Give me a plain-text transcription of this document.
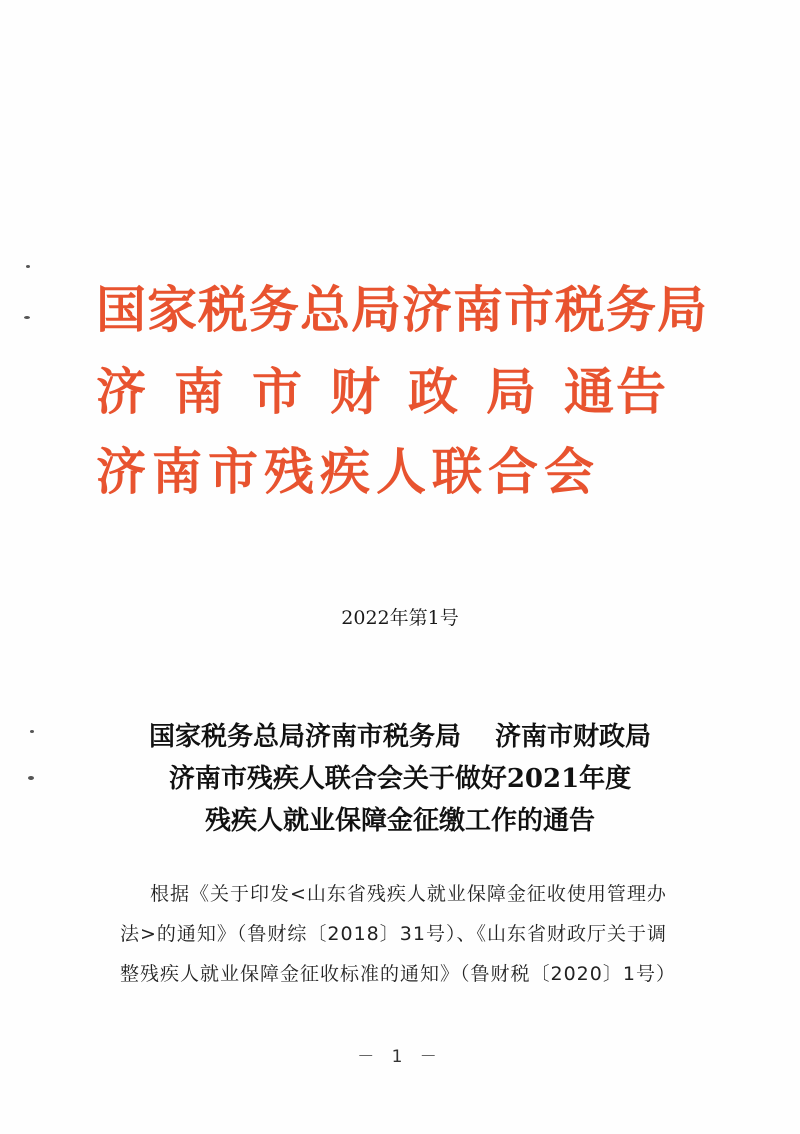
国家税务总局济南市税务局
济南市财政局通告
济南市残疾人联合会
2022年第1号
国家税务总局济南市税务局 济南市财政局
济南市残疾人联合会关于做好2021年度
残疾人就业保障金征缴工作的通告
根据《关于印发<山东省残疾人就业保障金征收使用管理办
法>的通知》（鲁财综〔2018〕31号）、《山东省财政厅关于调
整残疾人就业保障金征收标准的通知》（鲁财税〔2020〕1号）
－ 1 －
